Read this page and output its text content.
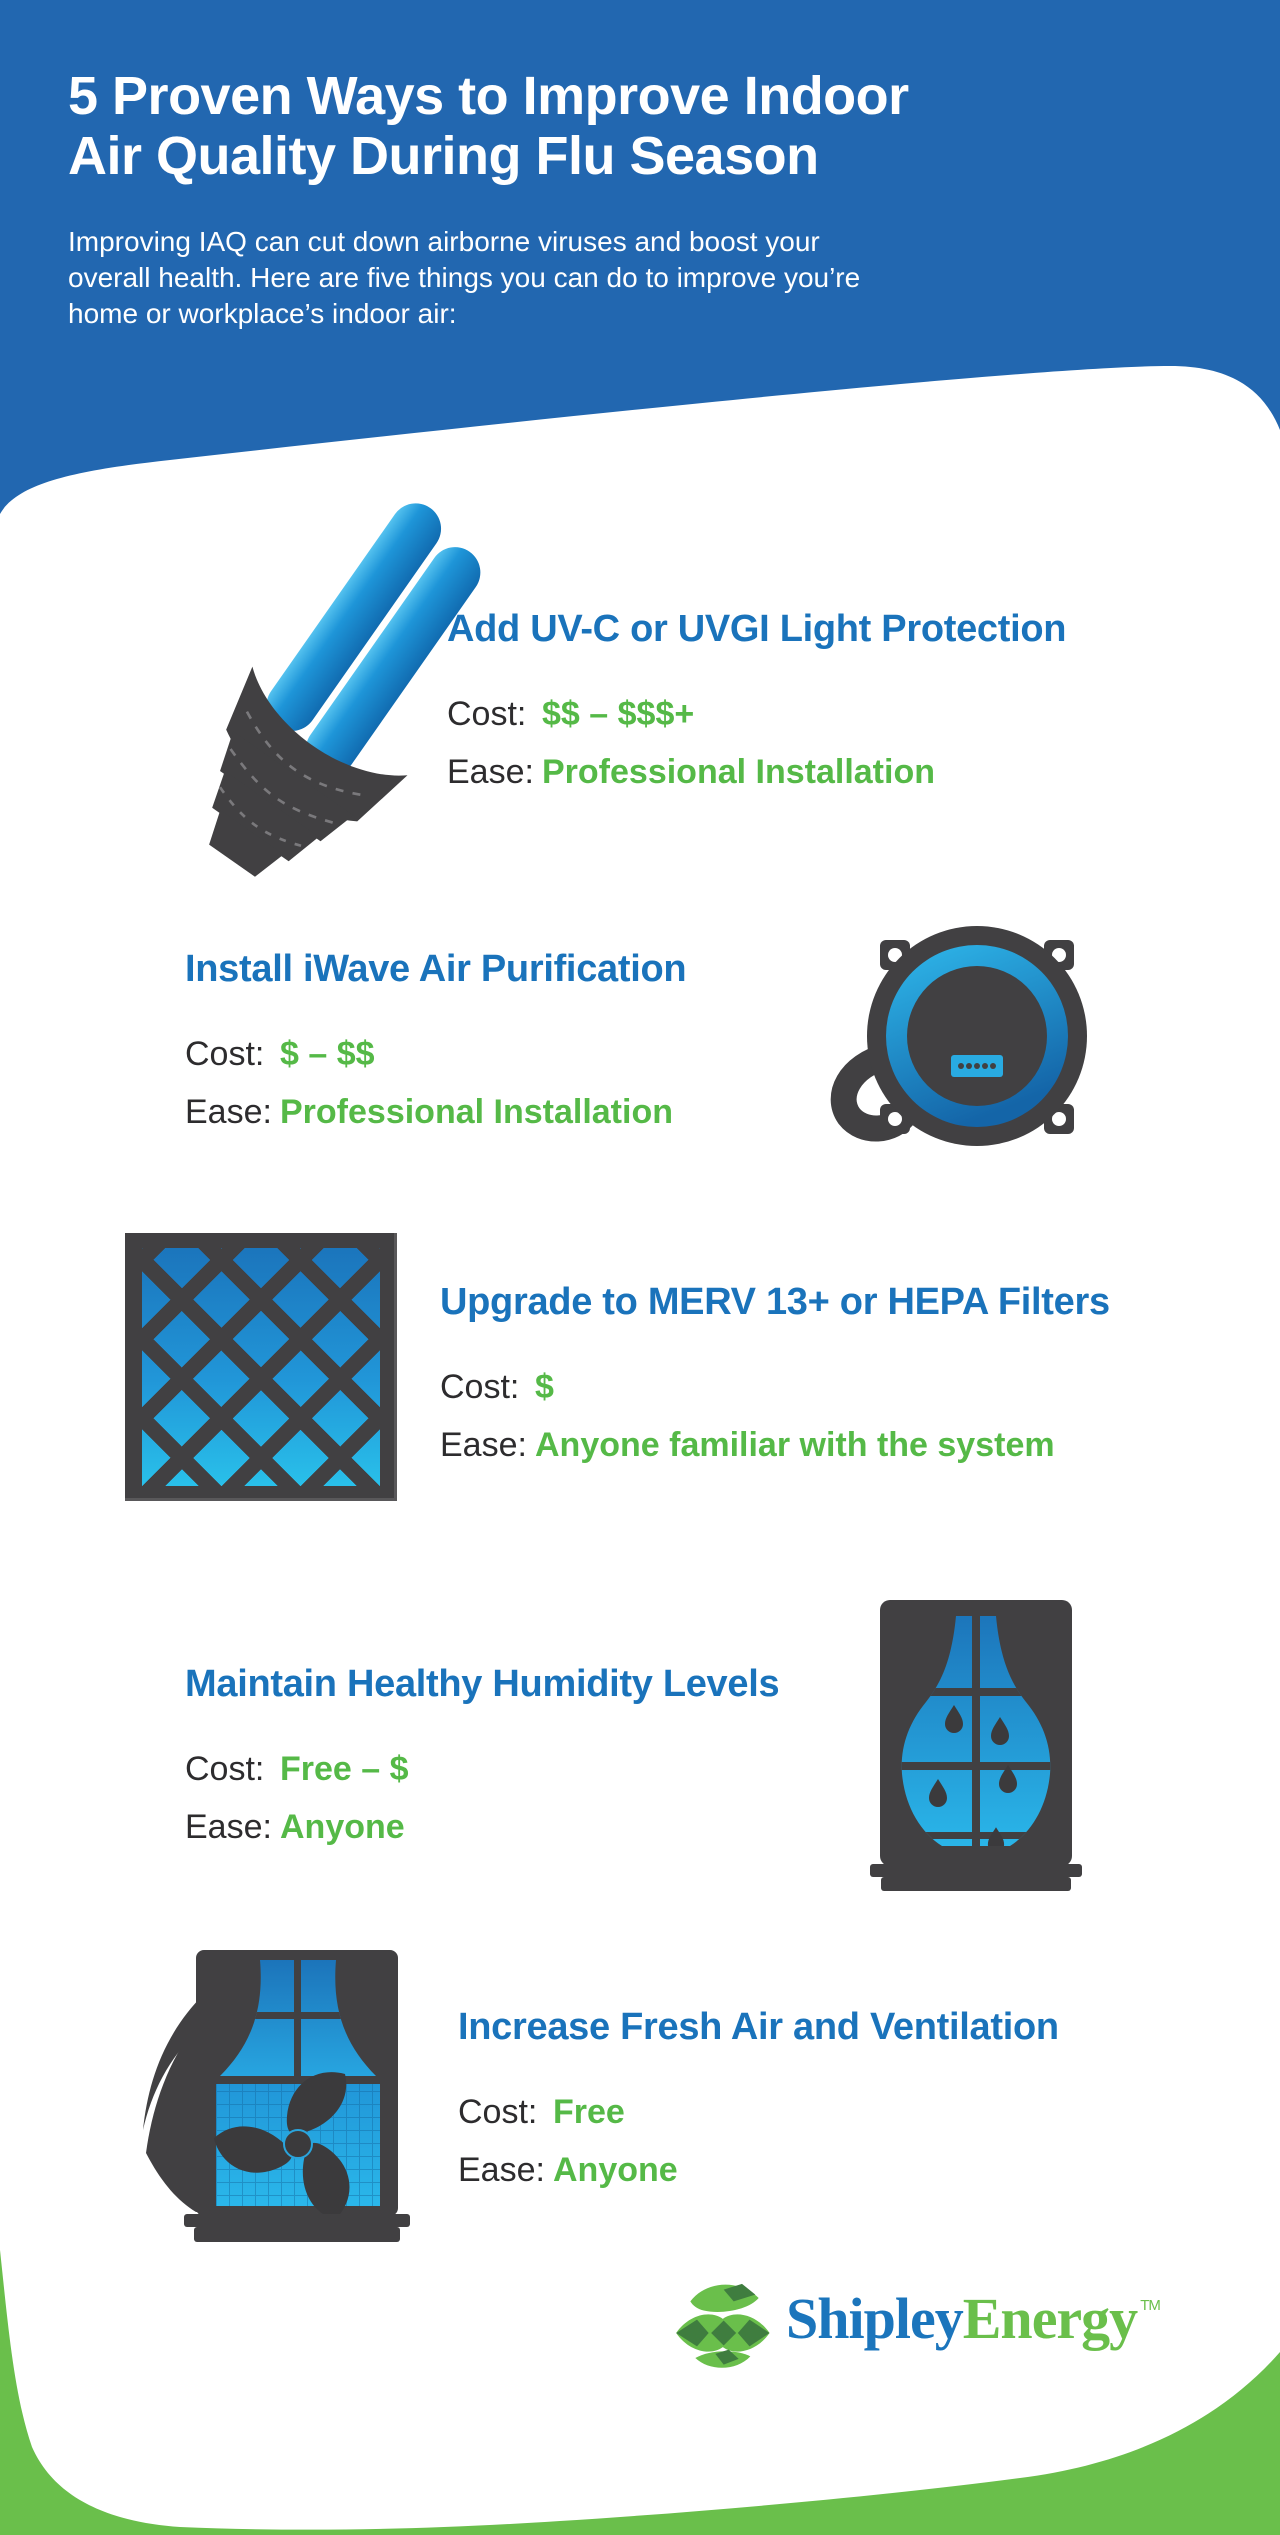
5 Proven Ways to Improve Indoor
Air Quality During Flu Season
Improving IAQ can cut down airborne viruses and boost your
overall health. Here are five things you can do to improve you’re
home or workplace’s indoor air:
Add UV-C or UVGI Light Protection
Cost: $$ – $$$+
Ease: Professional Installation
Install iWave Air Purification
Cost: $ – $$
Ease: Professional Installation
Upgrade to MERV 13+ or HEPA Filters
Cost: $
Ease: Anyone familiar with the system
Maintain Healthy Humidity Levels
Cost: Free – $
Ease: Anyone
Increase Fresh Air and Ventilation
Cost: Free
Ease: Anyone
ShipleyEnergy ™
